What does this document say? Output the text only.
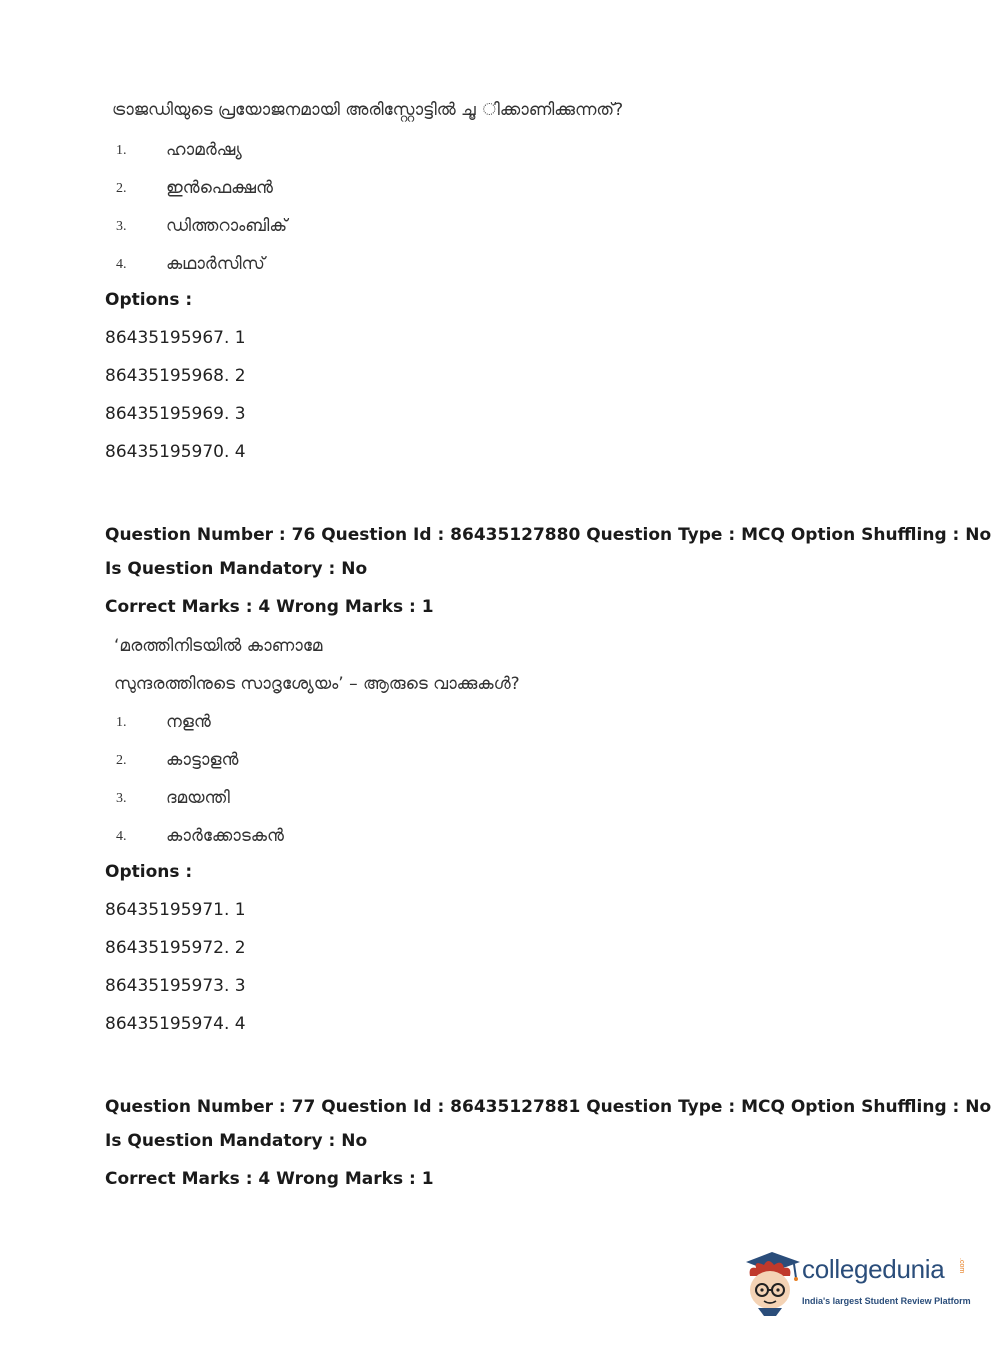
ട്രാജഡിയുടെ പ്രയോജനമായി അരിസ്റ്റോട്ടിൽ ചൂ ിക്കാണിക്കുന്നത്?
1. ഹാമർഷ്യ
2. ഇൻഫെക്ഷൻ
3. ഡിത്തറാംബിക്
4. കഥാർസിസ്
Options :
86435195967. 1
86435195968. 2
86435195969. 3
86435195970. 4
Question Number : 76 Question Id : 86435127880 Question Type : MCQ Option Shuffling : No
Is Question Mandatory : No
Correct Marks : 4 Wrong Marks : 1
‘മരത്തിനിടയിൽ കാണാമേ
സുന്ദരത്തിനുടെ സാദൃശ്യേയം’ – ആരുടെ വാക്കുകൾ?
1. നളൻ
2. കാട്ടാളൻ
3. ദമയന്തി
4. കാർക്കോടകൻ
Options :
86435195971. 1
86435195972. 2
86435195973. 3
86435195974. 4
Question Number : 77 Question Id : 86435127881 Question Type : MCQ Option Shuffling : No
Is Question Mandatory : No
Correct Marks : 4 Wrong Marks : 1
collegedunia .com
India's largest Student Review Platform
